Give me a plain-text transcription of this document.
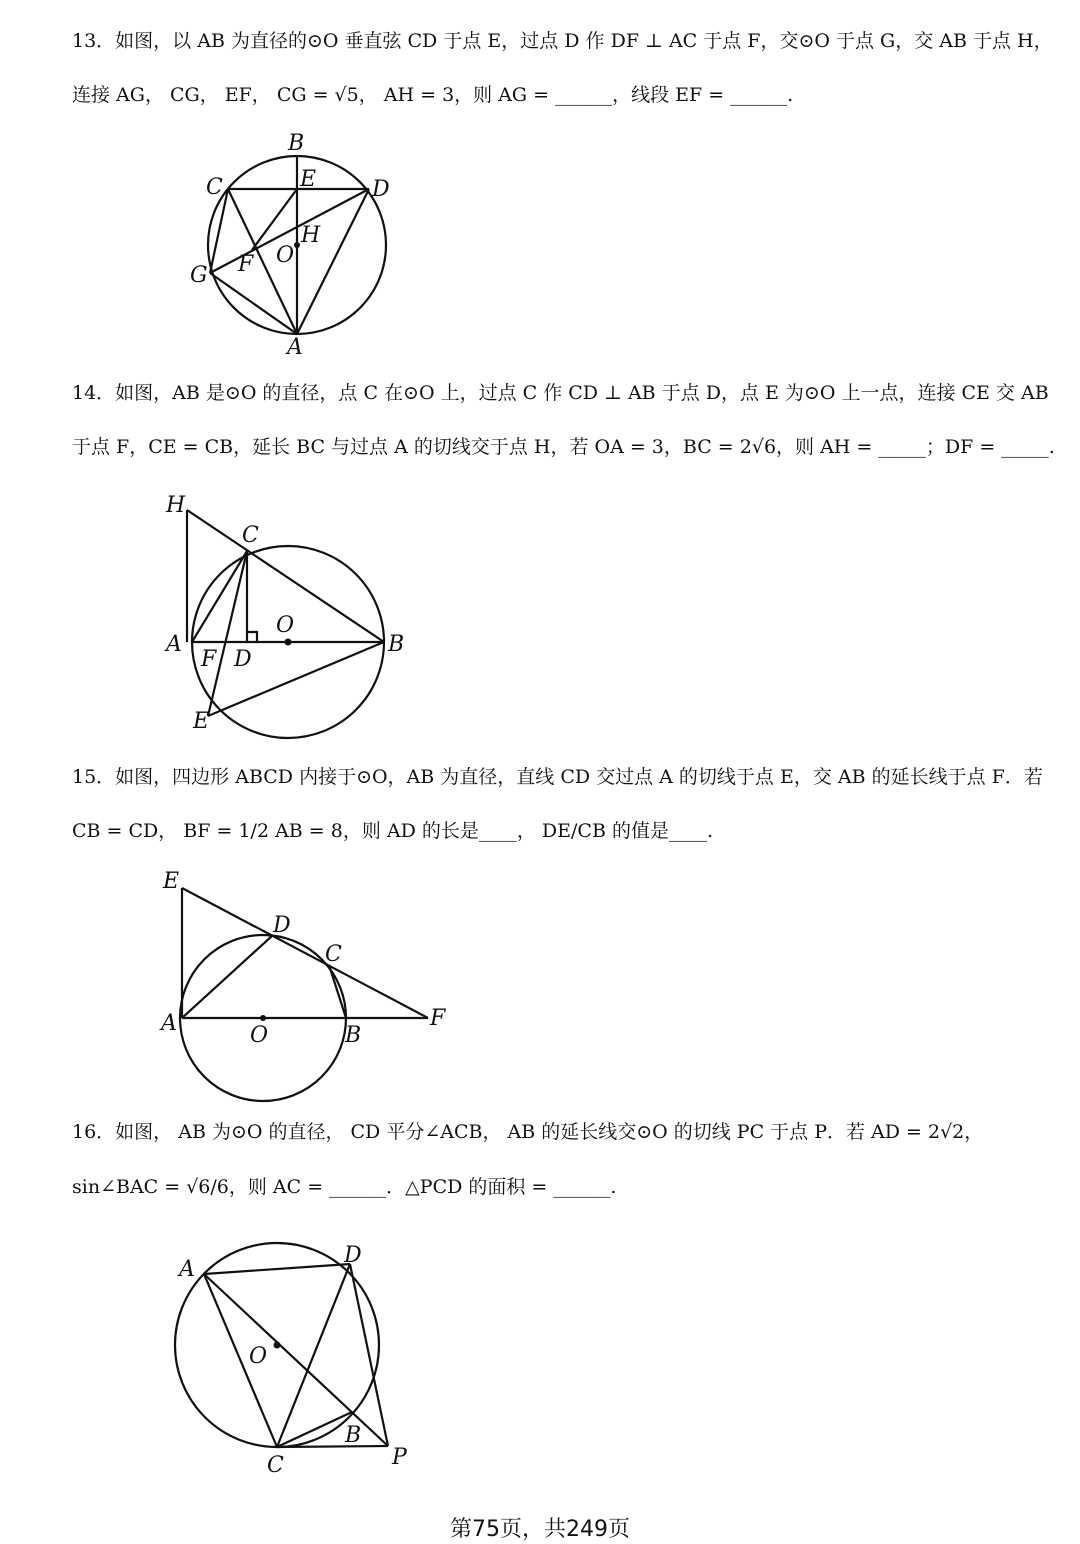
13．如图，以 AB 为直径的⊙O 垂直弦 CD 于点 E，过点 D 作 DF ⊥ AC 于点 F，交⊙O 于点 G，交 AB 于点 H，
连接 AG， CG， EF， CG = √5， AH = 3，则 AG = ______，线段 EF = ______.
B
C	D
E
F
G
H
O
A
14．如图，AB 是⊙O 的直径，点 C 在⊙O 上，过点 C 作 CD ⊥ AB 于点 D，点 E 为⊙O 上一点，连接 CE 交 AB
于点 F，CE = CB，延长 BC 与过点 A 的切线交于点 H，若 OA = 3，BC = 2√6，则 AH = _____；DF = _____.
H
C
A
O
B
F D
E
15．如图，四边形 ABCD 内接于⊙O，AB 为直径，直线 CD 交过点 A 的切线于点 E，交 AB 的延长线于点 F．若
CB = CD， BF = 1/2 AB = 8，则 AD 的长是____， DE/CB 的值是____.
E
D
C
A	O	B
F
16．如图， AB 为⊙O 的直径， CD 平分∠ACB， AB 的延长线交⊙O 的切线 PC 于点 P．若 AD = 2√2，
sin∠BAC = √6/6，则 AC = ______．△PCD 的面积 = ______.
A
D
O
B
C	P
第75页，共249页
